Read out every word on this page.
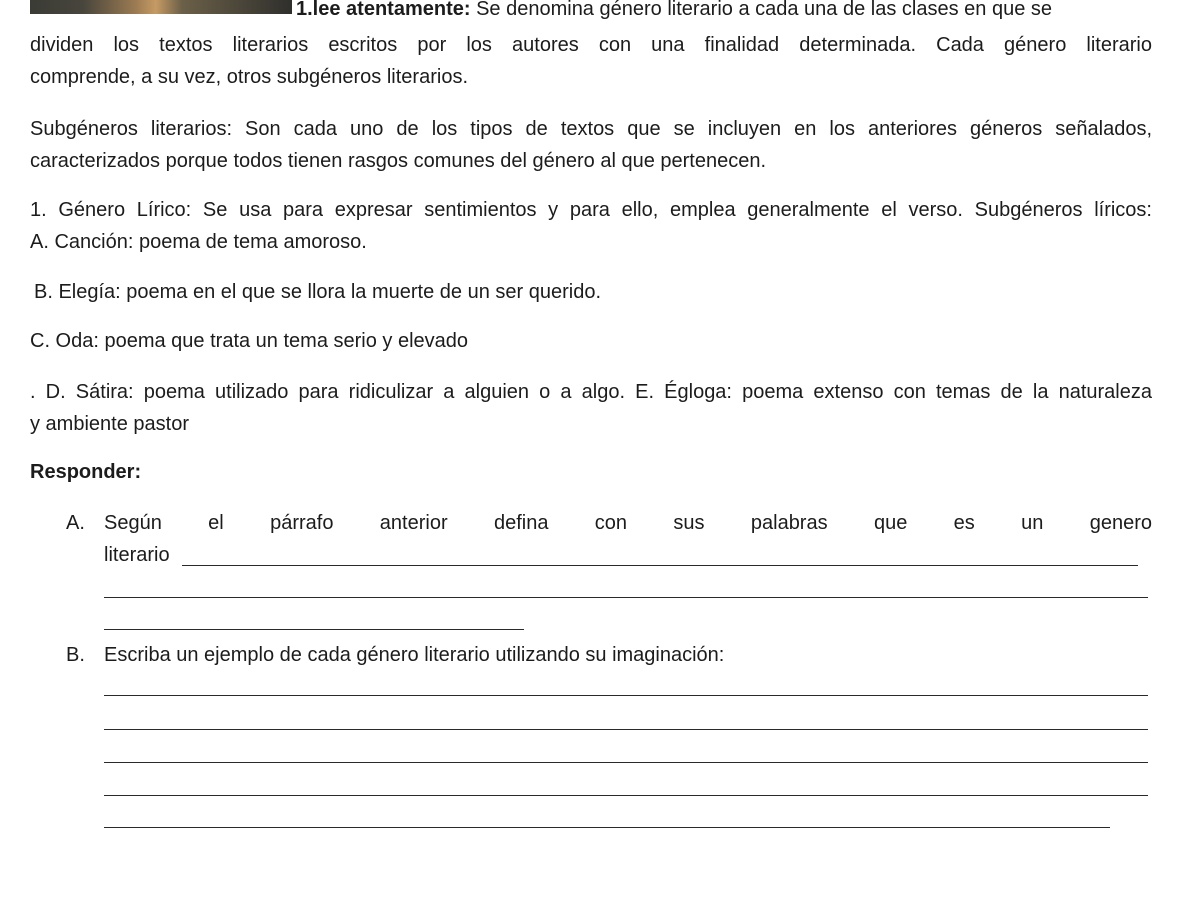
1.lee atentamente: Se denomina género literario a cada una de las clases en que se
dividen los textos literarios escritos por los autores con una finalidad determinada. Cada género literario
comprende, a su vez, otros subgéneros literarios.
Subgéneros literarios: Son cada uno de los tipos de textos que se incluyen en los anteriores géneros señalados,
caracterizados porque todos tienen rasgos comunes del género al que pertenecen.
1. Género Lírico: Se usa para expresar sentimientos y para ello, emplea generalmente el verso. Subgéneros líricos:
A. Canción: poema de tema amoroso.
B. Elegía: poema en el que se llora la muerte de un ser querido.
C. Oda: poema que trata un tema serio y elevado
. D. Sátira: poema utilizado para ridiculizar a alguien o a algo. E. Égloga: poema extenso con temas de la naturaleza
y ambiente pastor
Responder:
A. Según el párrafo anterior defina con sus palabras que es un genero
literario
B. Escriba un ejemplo de cada género literario utilizando su imaginación:
